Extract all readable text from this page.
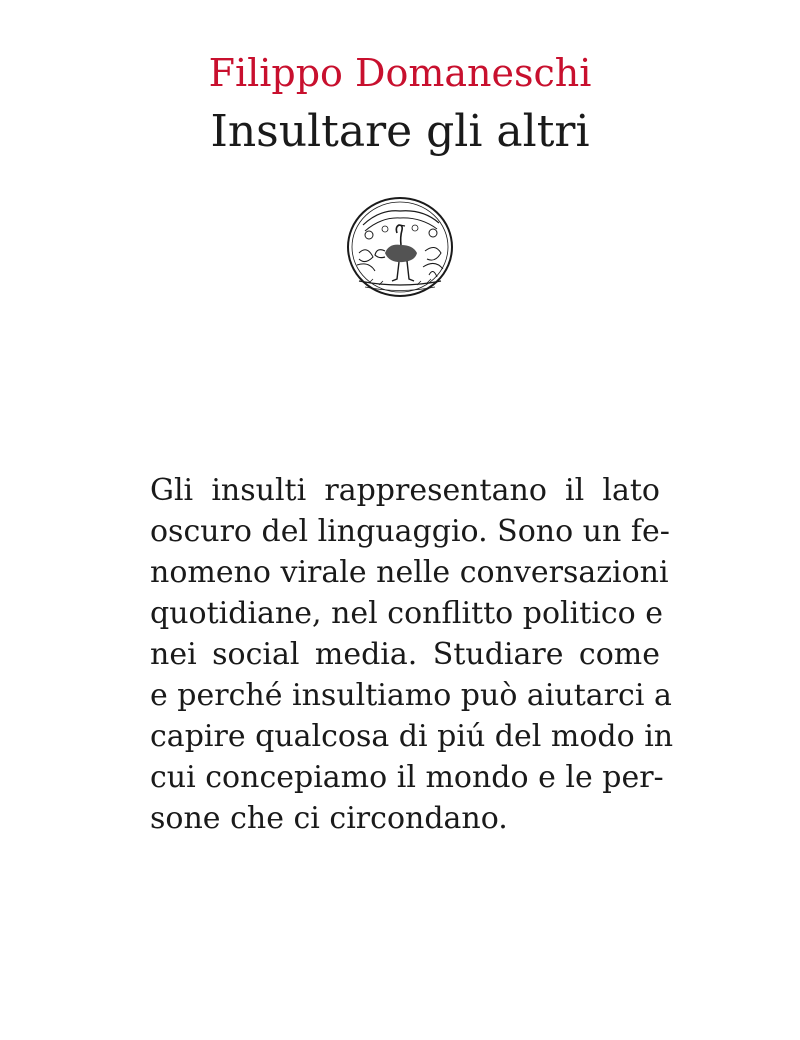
Filippo Domaneschi
Insultare gli altri

Gli insulti rappresentano il lato
oscuro del linguaggio. Sono un fe-
nomeno virale nelle conversazioni
quotidiane, nel conflitto politico e
nei social media. Studiare come
e perché insultiamo può aiutarci a
capire qualcosa di piú del modo in
cui concepiamo il mondo e le per-
sone che ci circondano.
